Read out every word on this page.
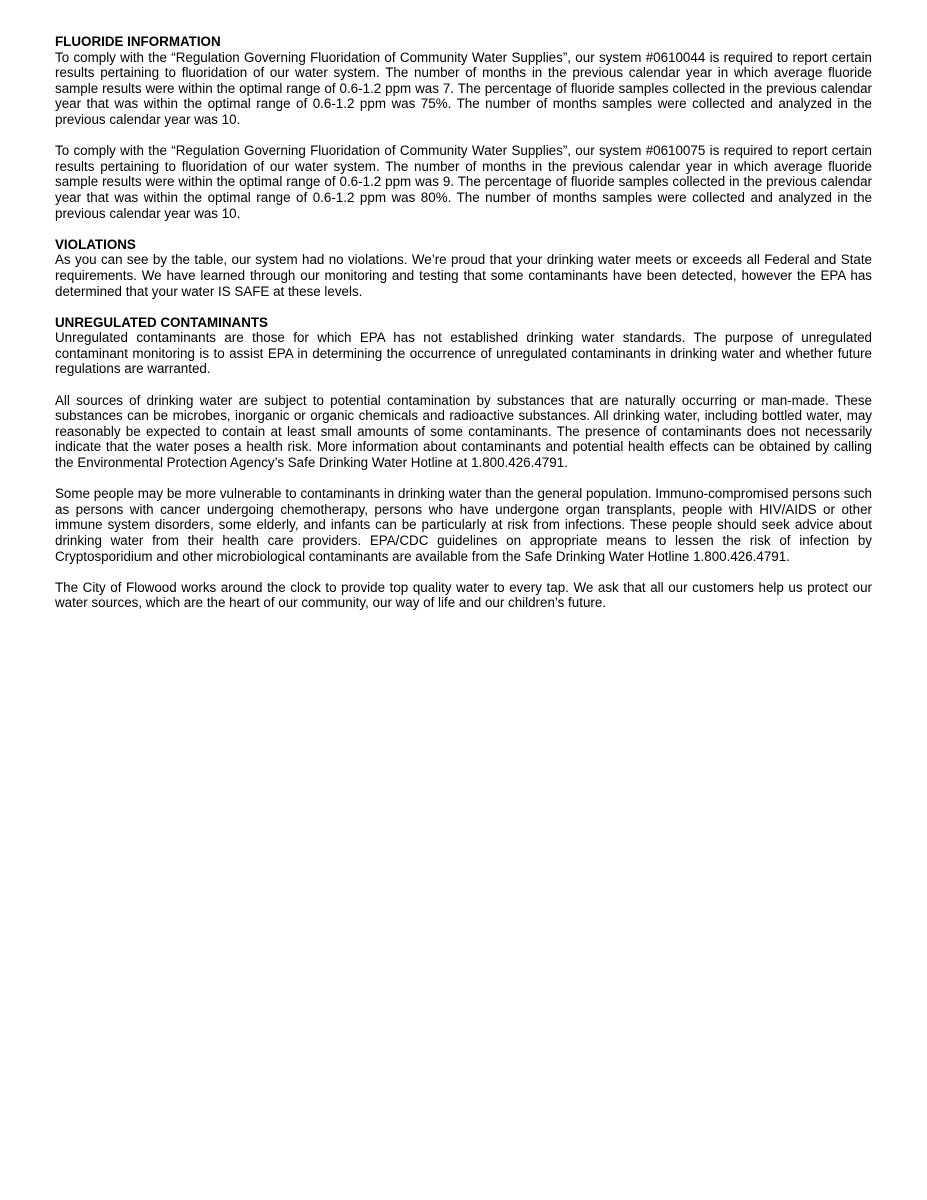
FLUORIDE INFORMATION

To comply with the “Regulation Governing Fluoridation of Community Water Supplies”, our system #0610044 is required to report certain results pertaining to fluoridation of our water system. The number of months in the previous calendar year in which average fluoride sample results were within the optimal range of 0.6-1.2 ppm was 7. The percentage of fluoride samples collected in the previous calendar year that was within the optimal range of 0.6-1.2 ppm was 75%. The number of months samples were collected and analyzed in the previous calendar year was 10.

To comply with the “Regulation Governing Fluoridation of Community Water Supplies”, our system #0610075 is required to report certain results pertaining to fluoridation of our water system. The number of months in the previous calendar year in which average fluoride sample results were within the optimal range of 0.6-1.2 ppm was 9. The percentage of fluoride samples collected in the previous calendar year that was within the optimal range of 0.6-1.2 ppm was 80%. The number of months samples were collected and analyzed in the previous calendar year was 10.

VIOLATIONS

As you can see by the table, our system had no violations. We’re proud that your drinking water meets or exceeds all Federal and State requirements. We have learned through our monitoring and testing that some contaminants have been detected, however the EPA has determined that your water IS SAFE at these levels.

UNREGULATED CONTAMINANTS

Unregulated contaminants are those for which EPA has not established drinking water standards. The purpose of unregulated contaminant monitoring is to assist EPA in determining the occurrence of unregulated contaminants in drinking water and whether future regulations are warranted.

All sources of drinking water are subject to potential contamination by substances that are naturally occurring or man-made. These substances can be microbes, inorganic or organic chemicals and radioactive substances. All drinking water, including bottled water, may reasonably be expected to contain at least small amounts of some contaminants. The presence of contaminants does not necessarily indicate that the water poses a health risk. More information about contaminants and potential health effects can be obtained by calling the Environmental Protection Agency’s Safe Drinking Water Hotline at 1.800.426.4791.

Some people may be more vulnerable to contaminants in drinking water than the general population. Immuno-compromised persons such as persons with cancer undergoing chemotherapy, persons who have undergone organ transplants, people with HIV/AIDS or other immune system disorders, some elderly, and infants can be particularly at risk from infections. These people should seek advice about drinking water from their health care providers. EPA/CDC guidelines on appropriate means to lessen the risk of infection by Cryptosporidium and other microbiological contaminants are available from the Safe Drinking Water Hotline 1.800.426.4791.

The City of Flowood works around the clock to provide top quality water to every tap. We ask that all our customers help us protect our water sources, which are the heart of our community, our way of life and our children’s future.
